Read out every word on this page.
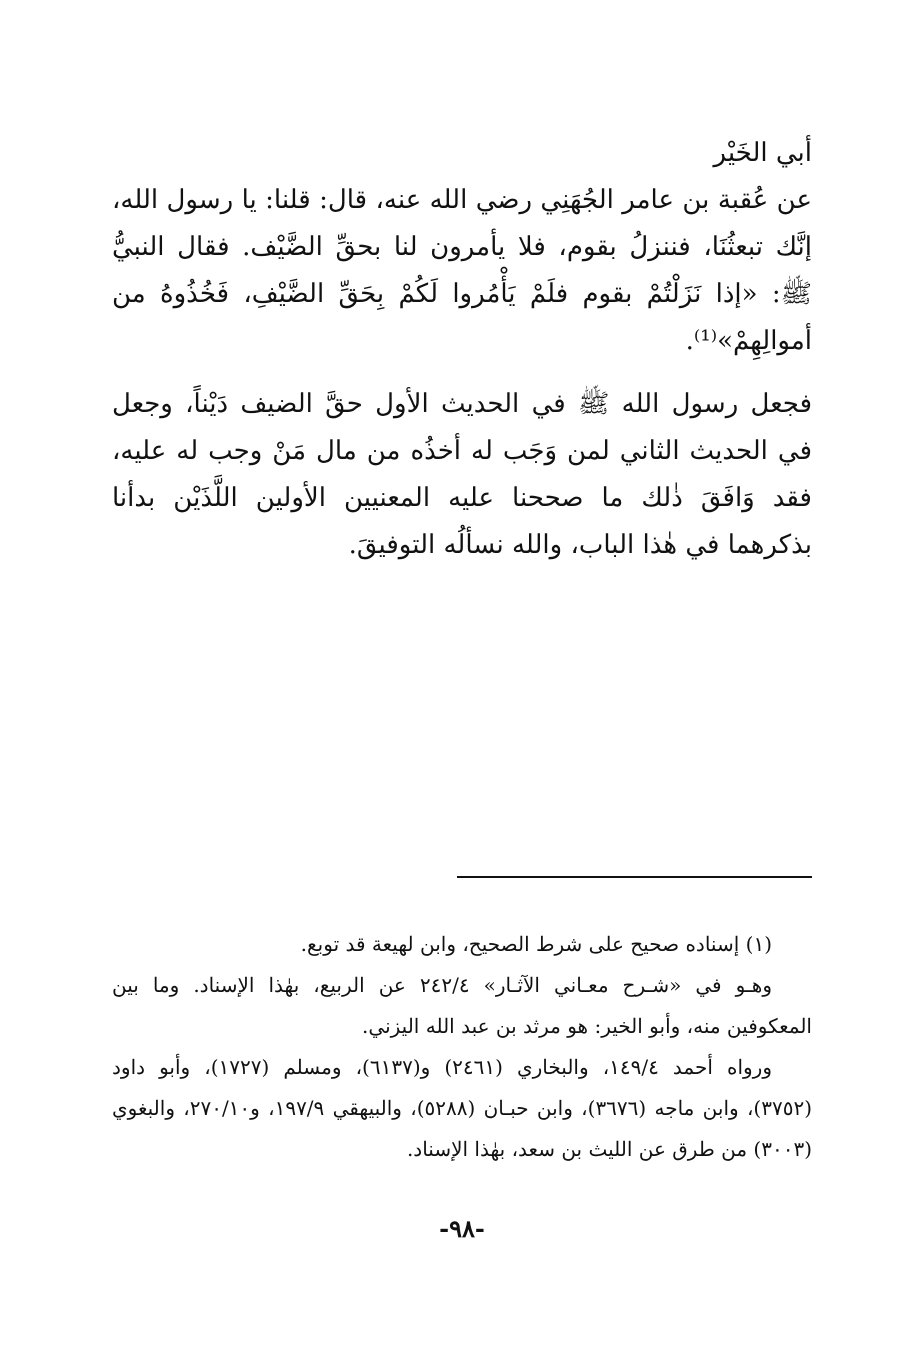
أبي الخَيْر

عن عُقبة بن عامر الجُهَنِي رضي الله عنه، قال: قلنا: يا رسول الله، إنَّك تبعثُنَا، فننزلُ بقوم، فلا يأمرون لنا بحقِّ الضَّيْف. فقال النبيُّ ﷺ: «إذا نَزَلْتُمْ بقوم فلَمْ يَأْمُروا لَكُمْ بِحَقِّ الضَّيْفِ، فَخُذُوهُ من أموالِهِمْ»⁽¹⁾.

فجعل رسول الله ﷺ في الحديث الأول حقَّ الضيف دَيْناً، وجعل في الحديث الثاني لمن وَجَب له أخذُه من مال مَنْ وجب له عليه، فقد وَافَقَ ذٰلك ما صححنا عليه المعنيين الأولين اللَّذَيْن بدأنا بذكرهما في هٰذا الباب، والله نسألُه التوفيقَ.

(١) إسناده صحيح على شرط الصحيح، وابن لهيعة قد توبع.

وهـو في «شـرح معـاني الآثـار» ٢٤٢/٤ عن الربيع، بهٰذا الإسناد. وما بين المعكوفين منه، وأبو الخير: هو مرثد بن عبد الله اليزني.

ورواه أحمد ١٤٩/٤، والبخاري (٢٤٦١) و(٦١٣٧)، ومسلم (١٧٢٧)، وأبو داود (٣٧٥٢)، وابن ماجه (٣٦٧٦)، وابن حبـان (٥٢٨٨)، والبيهقي ١٩٧/٩، و٢٧٠/١٠، والبغوي (٣٠٠٣) من طرق عن الليث بن سعد، بهٰذا الإسناد.

-٩٨-
